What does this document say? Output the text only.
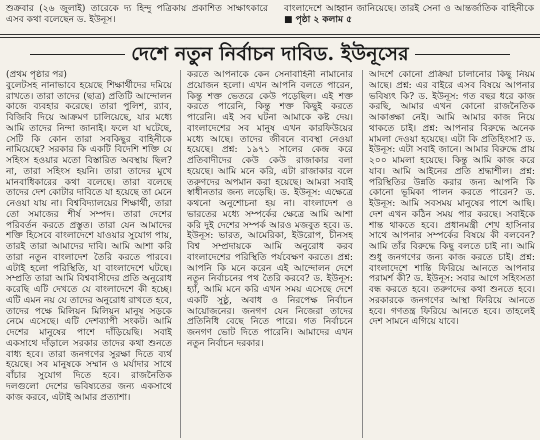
শুক্রবার (২৬ জুলাই) তারেকে দ্য হিন্দু পত্রিকায় প্রকাশিত সাক্ষাৎকারে এসব কথা বলেছেন ড. ইউনূস।
বাংলাদেশে আহ্বান জানিয়েছে। তারই সেনা ও আন্তর্জাতিক বাহিনীকে ■ পৃষ্ঠা ২ কলাম ৫
দেশে নতুন নির্বাচন দাবিড. ইউনূসের

(প্রথম পৃষ্ঠার পর)

বুলেটসহ নানাভাবে হয়েছে শিক্ষার্থীদের দমিয়ে রাখতে। তারা তাদের (ছাত্র) প্রতিটি আন্দোলন কাজে ব্যবহার করেছে। তারা পুলিশ, র‍্যাব, বিজিবি দিয়ে আক্রমণ চালিয়েছে, যার মধ্যে আমি তাদের নিন্দা জানাই। ফলে যা ঘটেছে, সেটি কি কোন তারা সবকিছুর বাহিনীকে নামিয়েছে? সরকার কি একটি বিদেশি শক্তি যে সহিংস হওয়ার মতো বিস্তারিত অবস্থায় ছিল? না, তারা সহিংস হয়নি। তারা তাদের মুখে মানবাধিকারের কথা বলেছে। তারা বলেছে তাদের দেশ কোটার দাবিতে যা হয়েছে তা মেনে নেওয়া যায় না। বিশ্ববিদ্যালয়ের শিক্ষার্থী, তারা তো সমাজের শীর্ষ সম্পদ। তারা দেশের পরিবর্তন করতে প্রস্তুত। তারা যেন আমাদের শক্তি হিসেবে বাংলাদেশে যাওয়ার সুযোগ পায়, তারই তারা আমাদের দাবি। আমি আশা করি তারা নতুন বাংলাদেশ তৈরি করতে পারবে। এটাই হলো পরিস্থিতি, যা বাংলাদেশে ঘটছে। সম্প্রতি তারা আমি বিশ্ববাসীদের প্রতি অনুরোধ করেছি এটি দেখতে যে বাংলাদেশে কী হচ্ছে। এটি এমন নয় যে তাদের অনুরোধ রাখতে হবে, তাদের পক্ষে মিলিয়ন মিলিয়ন মানুষ সড়কে নেমে এসেছে। এটি দেশব্যাপী সংকট। আমি দেশের মানুষের পাশে দাঁড়িয়েছি। সবাই একসাথে দাঁড়ালে সরকার তাদের কথা শুনতে বাধ্য হবে। তারা জনগণের সুরক্ষা দিতে ব্যর্থ হয়েছে। সব মানুষকে সম্মান ও মর্যাদার সাথে বাঁচার সুযোগ দিতে হবে। রাজনৈতিক দলগুলো দেশের ভবিষ্যতের জন্য একসাথে কাজ করবে, এটাই আমার প্রত্যাশা।

করতে আপনাকে কেন সেনাবাহিনী নামানোর প্রয়োজন হলো। এখন আপনি বলতে পারেন, কিন্তু শক্ত ভেতরে কেউ পড়েছিল। এই শক্ত করতে পারেনি, কিন্তু শক্ত কিছুই করতে পারেনি। এই সব ঘটনা আমাকে কষ্ট দেয়। বাংলাদেশের সব মানুষ এখন কারফিউয়ের মধ্যে আছে। তাদের জীবনে ব্যবস্থা নেওয়া হয়েছে। প্রশ্ন: ১৯৭১ সালের কেন্দ্র করে প্রতিবাদীদের কেউ কেউ রাজাকার বলা হয়েছে। আমি মনে করি, এটা রাজাকার বলে তরুণদের অপমান করা হয়েছে। আমরা সবাই স্বাধীনতার জন্য লড়েছি। ড. ইউনূস: এক্ষেত্রে কথনো অনুশোচনা হয় না। বাংলাদেশ ও ভারতের মধ্যে সম্পর্কের ক্ষেত্রে আমি আশা করি দুই দেশের সম্পর্ক আরও মজবুত হবে। ড. ইউনূস: ভারত, আমেরিকা, ইউরোপ, চীনসহ বিশ্ব সম্প্রদায়কে আমি অনুরোধ করব বাংলাদেশের পরিস্থিতি পর্যবেক্ষণ করতে। প্রশ্ন: আপনি কি মনে করেন এই আন্দোলন দেশে নতুন নির্বাচনের পথ তৈরি করবে? ড. ইউনূস: হ্যাঁ, আমি মনে করি এখন সময় এসেছে দেশে একটি সুষ্ঠু, অবাধ ও নিরপেক্ষ নির্বাচন আয়োজনের। জনগণ যেন নিজেরা তাদের প্রতিনিধি বেছে নিতে পারে। গত নির্বাচনে জনগণ ভোট দিতে পারেনি। আমাদের এখন নতুন নির্বাচন দরকার।

আদর্শে কোনো প্রক্রিয়া চালানোর কিছু নিয়ম আছে। প্রশ্ন: এর বাইরে এসব বিষয়ে আপনার ভবিষ্যৎ কি? ড. ইউনূস: গত বছর ধরে কাজ করছি, আমার এখন কোনো রাজনৈতিক আকাঙ্ক্ষা নেই। আমি আমার কাজ নিয়ে থাকতে চাই। প্রশ্ন: আপনার বিরুদ্ধে অনেক মামলা দেওয়া হয়েছে। এটা কি প্রতিহিংসা? ড. ইউনূস: এটা সবাই জানে। আমার বিরুদ্ধে প্রায় ২০০ মামলা হয়েছে। কিন্তু আমি কাজ করে যাব। আমি আইনের প্রতি শ্রদ্ধাশীল। প্রশ্ন: পরিস্থিতির উন্নতি করার জন্য আপনি কি কোনো ভূমিকা পালন করতে পারেন? ড. ইউনূস: আমি সবসময় মানুষের পাশে আছি। দেশ এখন কঠিন সময় পার করছে। সবাইকে শান্ত থাকতে হবে। প্রধানমন্ত্রী শেখ হাসিনার সাথে আপনার সম্পর্কের বিষয়ে কী বলবেন? আমি তাঁর বিরুদ্ধে কিছু বলতে চাই না। আমি শুধু জনগণের জন্য কাজ করতে চাই। প্রশ্ন: বাংলাদেশে শান্তি ফিরিয়ে আনতে আপনার পরামর্শ কী? ড. ইউনূস: সবার আগে সহিংসতা বন্ধ করতে হবে। তরুণদের কথা শুনতে হবে। সরকারকে জনগণের আস্থা ফিরিয়ে আনতে হবে। গণতন্ত্র ফিরিয়ে আনতে হবে। তাহলেই দেশ সামনে এগিয়ে যাবে।
